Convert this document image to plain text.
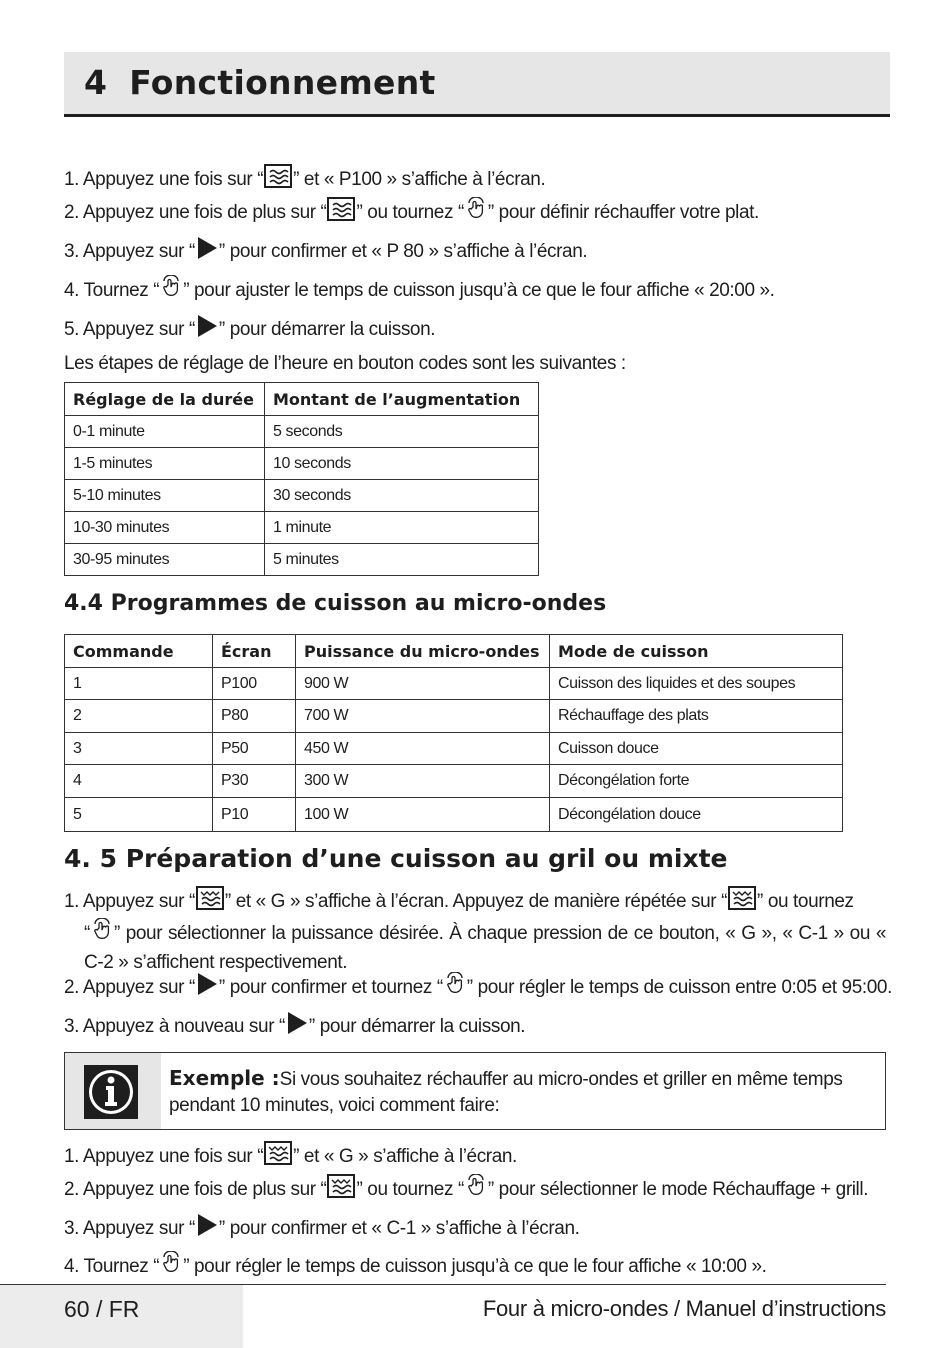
4 Fonctionnement
1. Appuyez une fois sur “ ” et « P100 » s’affiche à l’écran.
2. Appuyez une fois de plus sur “ ” ou tournez “ ” pour définir réchauffer votre plat.
3. Appuyez sur “ ” pour confirmer et « P 80 » s’affiche à l’écran.
4. Tournez “ ” pour ajuster le temps de cuisson jusqu’à ce que le four affiche « 20:00 ».
5. Appuyez sur “ ” pour démarrer la cuisson.
Les étapes de réglage de l’heure en bouton codes sont les suivantes :
Réglage de la durée	Montant de l’augmentation
0-1 minute	5 seconds
1-5 minutes	10 seconds
5-10 minutes	30 seconds
10-30 minutes	1 minute
30-95 minutes	5 minutes
4.4 Programmes de cuisson au micro-ondes
Commande	Écran	Puissance du micro-ondes	Mode de cuisson
1	P100	900 W	Cuisson des liquides et des soupes
2	P80	700 W	Réchauffage des plats
3	P50	450 W	Cuisson douce
4	P30	300 W	Décongélation forte
5	P10	100 W	Décongélation douce
4. 5 Préparation d’une cuisson au gril ou mixte
1. Appuyez sur “ ” et « G » s’affiche à l’écran. Appuyez de manière répétée sur “ ” ou tournez
“ ” pour sélectionner la puissance désirée. À chaque pression de ce bouton, « G », « C-1 » ou « C-2 » s’affichent respectivement.
2. Appuyez sur “ ” pour confirmer et tournez “ ” pour régler le temps de cuisson entre 0:05 et 95:00.
3. Appuyez à nouveau sur “ ” pour démarrer la cuisson.
Exemple :Si vous souhaitez réchauffer au micro-ondes et griller en même temps pendant 10 minutes, voici comment faire:
1. Appuyez une fois sur “ ” et « G » s’affiche à l’écran.
2. Appuyez une fois de plus sur “ ” ou tournez “ ” pour sélectionner le mode Réchauffage + grill.
3. Appuyez sur “ ” pour confirmer et « C-1 » s’affiche à l’écran.
4. Tournez “ ” pour régler le temps de cuisson jusqu’à ce que le four affiche « 10:00 ».
60 / FR	Four à micro-ondes / Manuel d’instructions
